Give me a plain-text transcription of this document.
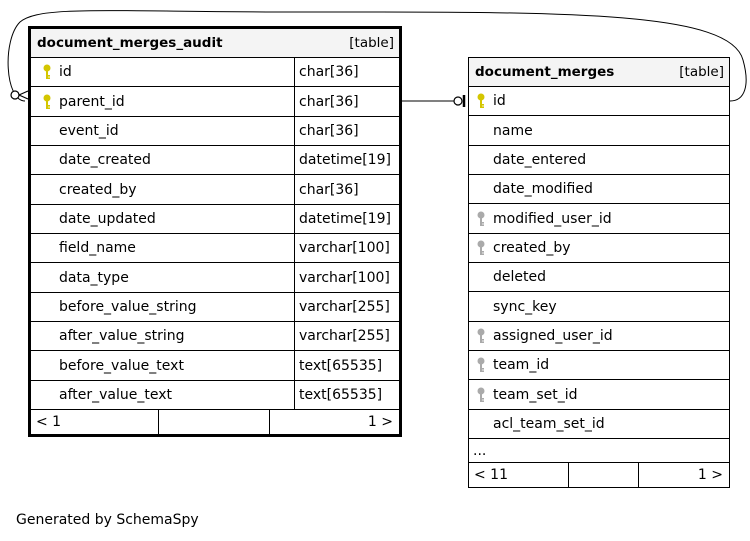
document_merges_audit	[table]
id	char[36]
parent_id	char[36]
event_id	char[36]
date_created	datetime[19]
created_by	char[36]
date_updated	datetime[19]
field_name	varchar[100]
data_type	varchar[100]
before_value_string	varchar[255]
after_value_string	varchar[255]
before_value_text	text[65535]
after_value_text	text[65535]
< 1	1 >
document_merges	[table]
id
name
date_entered
date_modified
modified_user_id
created_by
deleted
sync_key
assigned_user_id
team_id
team_set_id
acl_team_set_id
...
< 11	1 >
Generated by SchemaSpy
